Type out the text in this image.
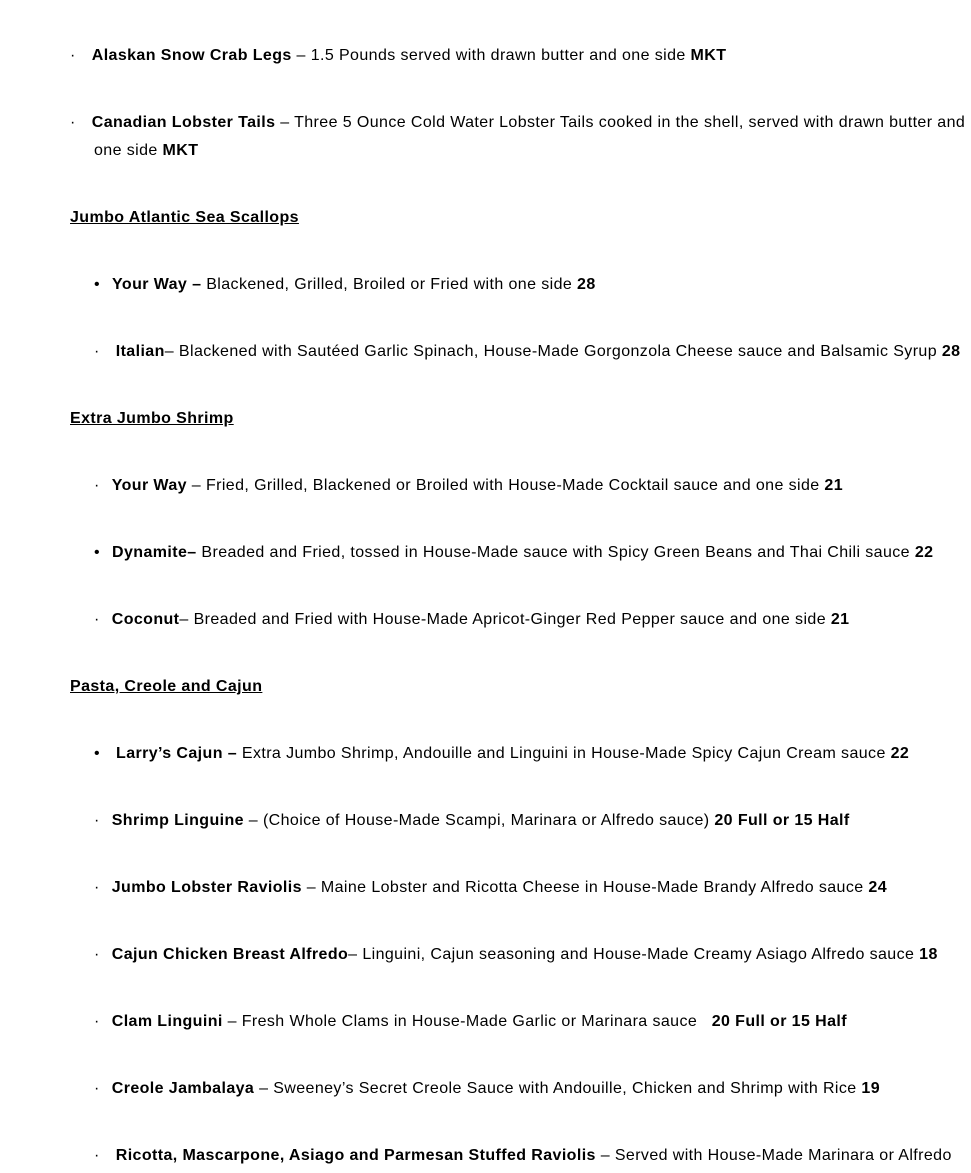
· Alaskan Snow Crab Legs – 1.5 Pounds served with drawn butter and one side MKT
· Canadian Lobster Tails – Three 5 Ounce Cold Water Lobster Tails cooked in the shell, served with drawn butter and
one side MKT
Jumbo Atlantic Sea Scallops
• Your Way – Blackened, Grilled, Broiled or Fried with one side 28
· Italian– Blackened with Sautéed Garlic Spinach, House-Made Gorgonzola Cheese sauce and Balsamic Syrup 28
Extra Jumbo Shrimp
· Your Way – Fried, Grilled, Blackened or Broiled with House-Made Cocktail sauce and one side 21
• Dynamite– Breaded and Fried, tossed in House-Made sauce with Spicy Green Beans and Thai Chili sauce 22
· Coconut– Breaded and Fried with House-Made Apricot-Ginger Red Pepper sauce and one side 21
Pasta, Creole and Cajun
• Larry’s Cajun – Extra Jumbo Shrimp, Andouille and Linguini in House-Made Spicy Cajun Cream sauce 22
· Shrimp Linguine – (Choice of House-Made Scampi, Marinara or Alfredo sauce) 20 Full or 15 Half
· Jumbo Lobster Raviolis – Maine Lobster and Ricotta Cheese in House-Made Brandy Alfredo sauce 24
· Cajun Chicken Breast Alfredo– Linguini, Cajun seasoning and House-Made Creamy Asiago Alfredo sauce 18
· Clam Linguini – Fresh Whole Clams in House-Made Garlic or Marinara sauce   20 Full or 15 Half
· Creole Jambalaya – Sweeney’s Secret Creole Sauce with Andouille, Chicken and Shrimp with Rice 19
· Ricotta, Mascarpone, Asiago and Parmesan Stuffed Raviolis – Served with House-Made Marinara or Alfredo
